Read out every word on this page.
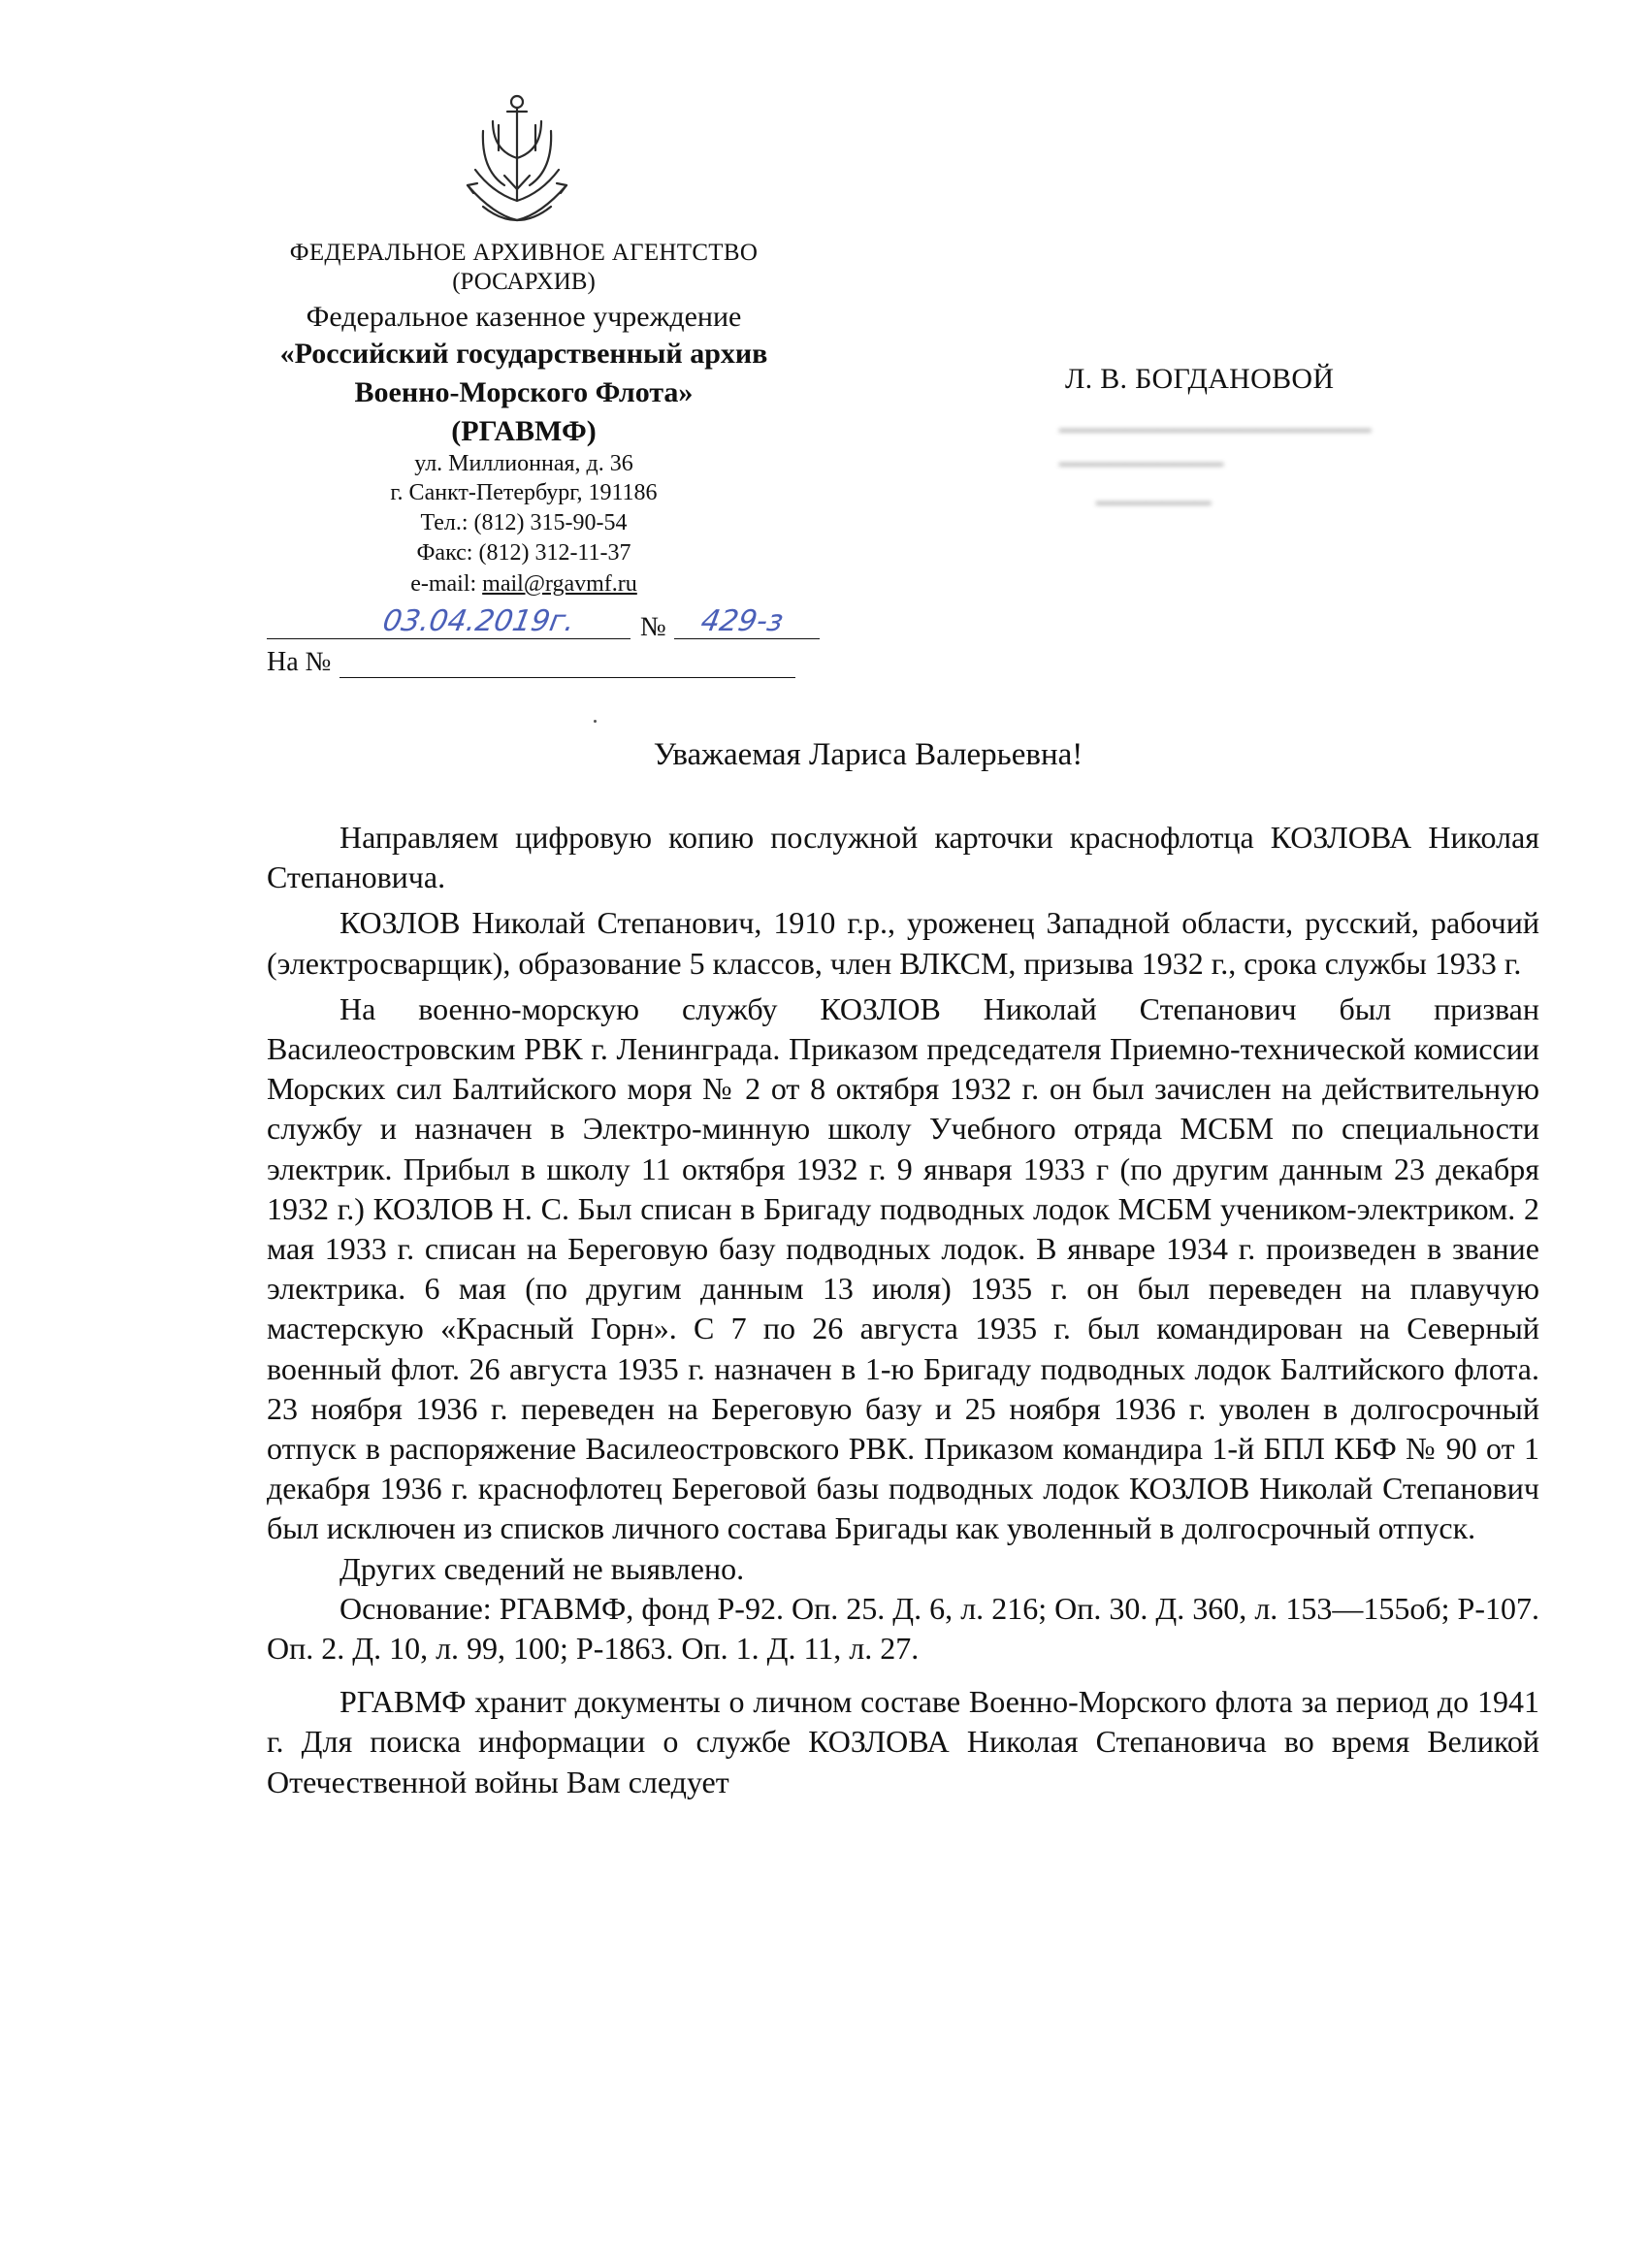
ФЕДЕРАЛЬНОЕ АРХИВНОЕ АГЕНТСТВО
(РОСАРХИВ)
Федеральное казенное учреждение
«Российский государственный архив
Военно-Морского Флота»
(РГАВМФ)
ул. Миллионная, д. 36
г. Санкт-Петербург, 191186
Тел.: (812) 315-90-54
Факс: (812) 312-11-37
e-mail: mail@rgavmf.ru
03.04.2019г. № 429-з
На №
Л. В. БОГДАНОВОЙ
▁▁▁▁▁▁▁▁▁▁▁▁▁▁▁▁▁▁▁
▁▁▁▁▁▁▁▁▁▁
▁▁▁▁▁▁▁
Уважаемая Лариса Валерьевна!

Направляем цифровую копию послужной карточки краснофлотца КОЗЛОВА Николая Степановича.

КОЗЛОВ Николай Степанович, 1910 г.р., уроженец Западной области, русский, рабочий (электросварщик), образование 5 классов, член ВЛКСМ, призыва 1932 г., срока службы 1933 г.

На военно-морскую службу КОЗЛОВ Николай Степанович был призван Василеостровским РВК г. Ленинграда. Приказом председателя Приемно-технической комиссии Морских сил Балтийского моря № 2 от 8 октября 1932 г. он был зачислен на действительную службу и назначен в Электро-минную школу Учебного отряда МСБМ по специальности электрик. Прибыл в школу 11 октября 1932 г. 9 января 1933 г (по другим данным 23 декабря 1932 г.) КОЗЛОВ Н. С. Был списан в Бригаду подводных лодок МСБМ учеником-электриком. 2 мая 1933 г. списан на Береговую базу подводных лодок. В январе 1934 г. произведен в звание электрика. 6 мая (по другим данным 13 июля) 1935 г. он был переведен на плавучую мастерскую «Красный Горн». С 7 по 26 августа 1935 г. был командирован на Северный военный флот. 26 августа 1935 г. назначен в 1-ю Бригаду подводных лодок Балтийского флота. 23 ноября 1936 г. переведен на Береговую базу и 25 ноября 1936 г. уволен в долгосрочный отпуск в распоряжение Василеостровского РВК. Приказом командира 1-й БПЛ КБФ № 90 от 1 декабря 1936 г. краснофлотец Береговой базы подводных лодок КОЗЛОВ Николай Степанович был исключен из списков личного состава Бригады как уволенный в долгосрочный отпуск.

Других сведений не выявлено.

Основание: РГАВМФ, фонд Р-92. Оп. 25. Д. 6, л. 216; Оп. 30. Д. 360, л. 153—155об; Р-107. Оп. 2. Д. 10, л. 99, 100; Р-1863. Оп. 1. Д. 11, л. 27.

РГАВМФ хранит документы о личном составе Военно-Морского флота за период до 1941 г. Для поиска информации о службе КОЗЛОВА Николая Степановича во время Великой Отечественной войны Вам следует
